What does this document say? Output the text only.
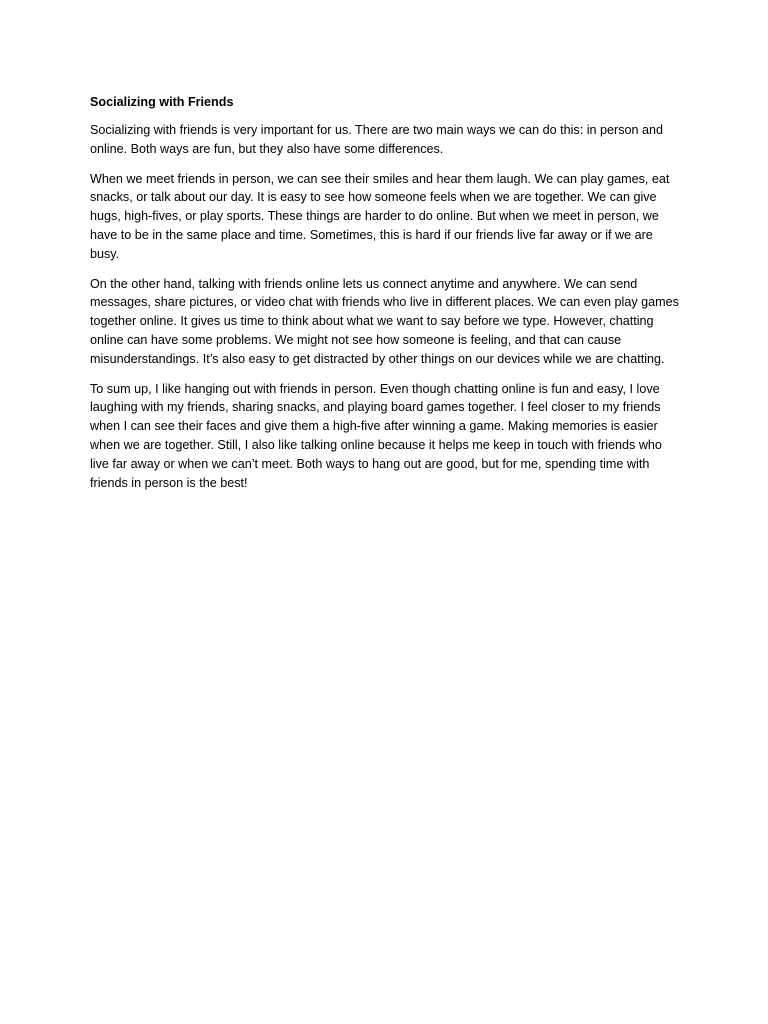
Socializing with Friends

Socializing with friends is very important for us. There are two main ways we can do this: in person and online. Both ways are fun, but they also have some differences.

When we meet friends in person, we can see their smiles and hear them laugh. We can play games, eat snacks, or talk about our day. It is easy to see how someone feels when we are together. We can give hugs, high-fives, or play sports. These things are harder to do online. But when we meet in person, we have to be in the same place and time. Sometimes, this is hard if our friends live far away or if we are busy.

On the other hand, talking with friends online lets us connect anytime and anywhere. We can send messages, share pictures, or video chat with friends who live in different places. We can even play games together online. It gives us time to think about what we want to say before we type. However, chatting online can have some problems. We might not see how someone is feeling, and that can cause misunderstandings. It’s also easy to get distracted by other things on our devices while we are chatting.

To sum up, I like hanging out with friends in person. Even though chatting online is fun and easy, I love laughing with my friends, sharing snacks, and playing board games together. I feel closer to my friends when I can see their faces and give them a high-five after winning a game. Making memories is easier when we are together. Still, I also like talking online because it helps me keep in touch with friends who live far away or when we can’t meet. Both ways to hang out are good, but for me, spending time with friends in person is the best!
